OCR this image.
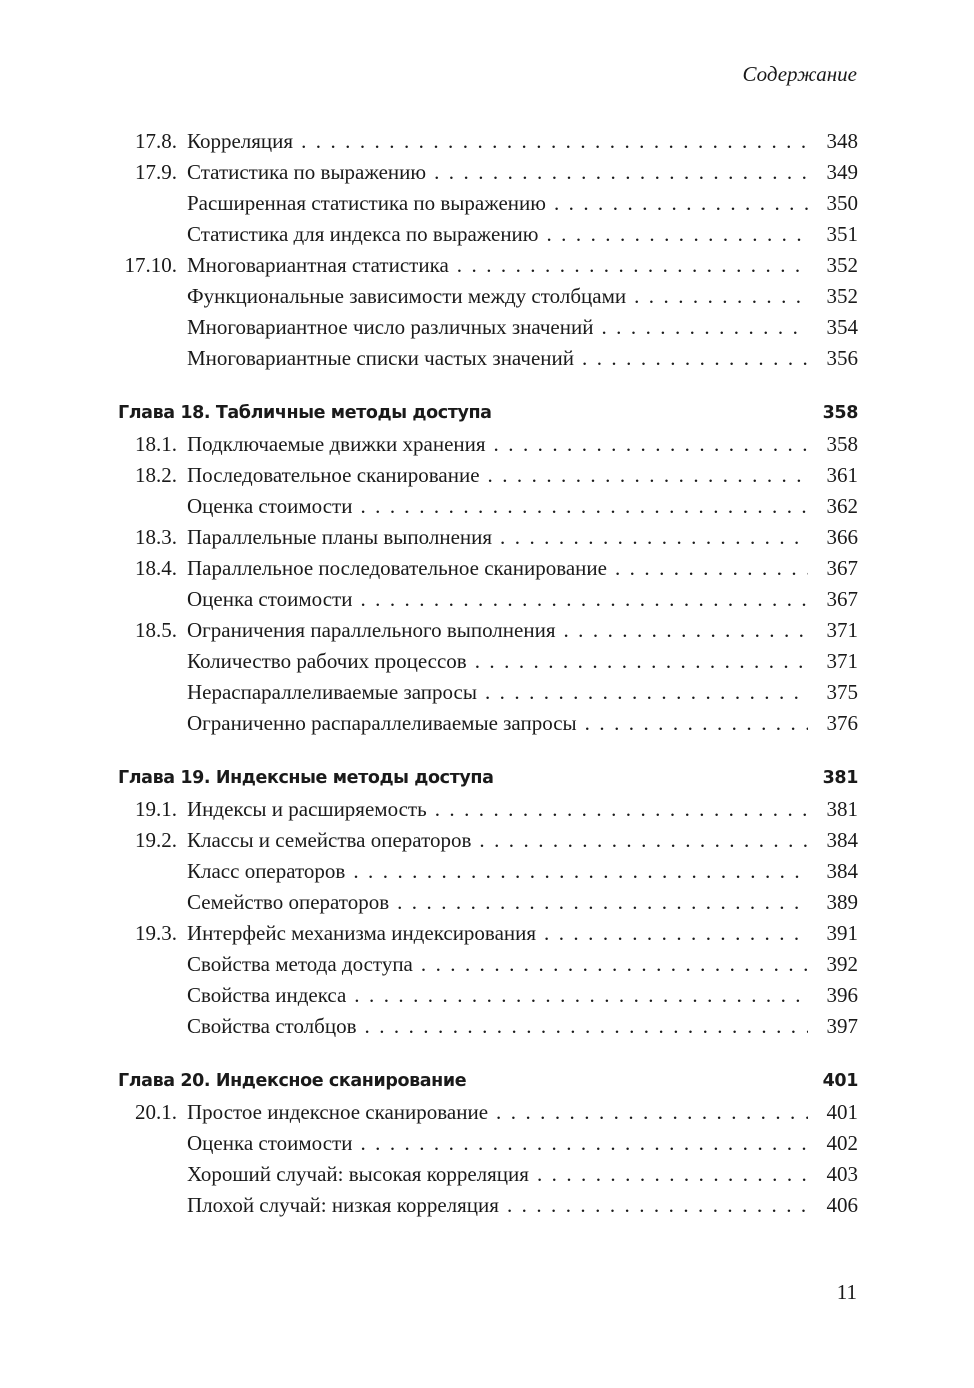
Содержание
17.8. Корреляция . . .	348
17.9. Статистика по выражению . . .	349
Расширенная статистика по выражению . . .	350
Статистика для индекса по выражению . . .	351
17.10. Многовариантная статистика . . .	352
Функциональные зависимости между столбцами . . .	352
Многовариантное число различных значений . . .	354
Многовариантные списки частых значений . . .	356
Глава 18. Табличные методы доступа	358
18.1. Подключаемые движки хранения . . .	358
18.2. Последовательное сканирование . . .	361
Оценка стоимости . . .	362
18.3. Параллельные планы выполнения . . .	366
18.4. Параллельное последовательное сканирование . . .	367
Оценка стоимости . . .	367
18.5. Ограничения параллельного выполнения . . .	371
Количество рабочих процессов . . .	371
Нераспараллеливаемые запросы . . .	375
Ограниченно распараллеливаемые запросы . . .	376
Глава 19. Индексные методы доступа	381
19.1. Индексы и расширяемость . . .	381
19.2. Классы и семейства операторов . . .	384
Класс операторов . . .	384
Семейство операторов . . .	389
19.3. Интерфейс механизма индексирования . . .	391
Свойства метода доступа . . .	392
Свойства индекса . . .	396
Свойства столбцов . . .	397
Глава 20. Индексное сканирование	401
20.1. Простое индексное сканирование . . .	401
Оценка стоимости . . .	402
Хороший случай: высокая корреляция . . .	403
Плохой случай: низкая корреляция . . .	406
11
